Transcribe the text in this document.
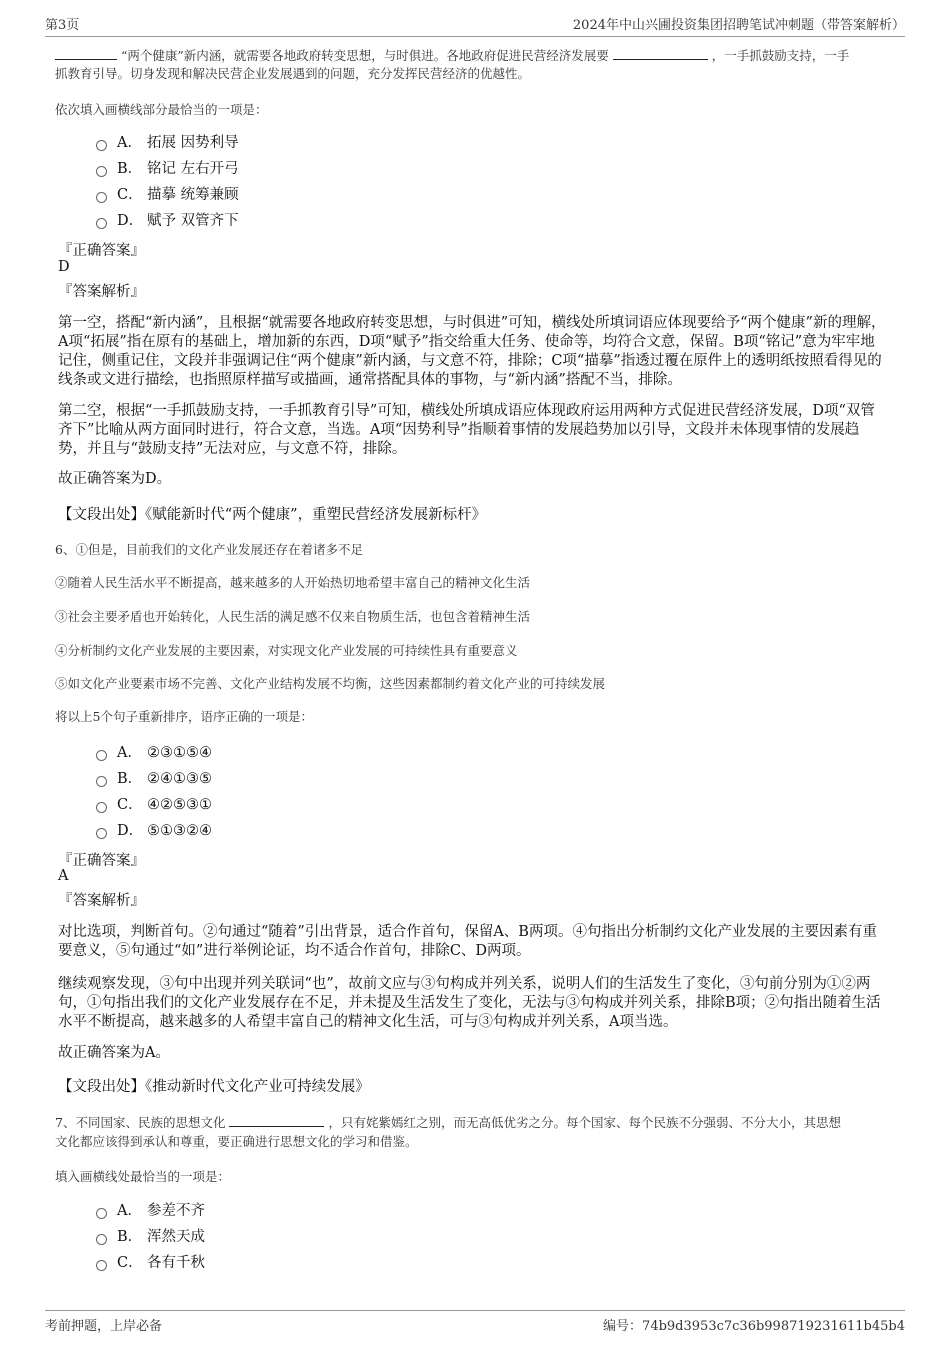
第3页	2024年中山兴圃投资集团招聘笔试冲刺题（带答案解析）
“两个健康”新内涵，就需要各地政府转变思想，与时俱进。各地政府促进民营经济发展要	，一手抓鼓励支持，一手
抓教育引导。切身发现和解决民营企业发展遇到的问题，充分发挥民营经济的优越性。
依次填入画横线部分最恰当的一项是：
A． 拓展 因势利导
B． 铭记 左右开弓
C． 描摹 统筹兼顾
D． 赋予 双管齐下
『正确答案』
D
『答案解析』
第一空，搭配“新内涵”，且根据“就需要各地政府转变思想，与时俱进”可知，横线处所填词语应体现要给予“两个健康”新的理解，A项“拓展”指在原有的基础上，增加新的东西，D项“赋予”指交给重大任务、使命等，均符合文意，保留。B项“铭记”意为牢牢地记住，侧重记住，文段并非强调记住“两个健康”新内涵，与文意不符，排除；C项“描摹”指透过覆在原件上的透明纸按照看得见的线条或文进行描绘，也指照原样描写或描画，通常搭配具体的事物，与“新内涵”搭配不当，排除。
第二空，根据“一手抓鼓励支持，一手抓教育引导”可知，横线处所填成语应体现政府运用两种方式促进民营经济发展，D项“双管齐下”比喻从两方面同时进行，符合文意，当选。A项“因势利导”指顺着事情的发展趋势加以引导，文段并未体现事情的发展趋势，并且与“鼓励支持”无法对应，与文意不符，排除。
故正确答案为D。
【文段出处】《赋能新时代“两个健康”，重塑民营经济发展新标杆》
6、①但是，目前我们的文化产业发展还存在着诸多不足
②随着人民生活水平不断提高，越来越多的人开始热切地希望丰富自己的精神文化生活
③社会主要矛盾也开始转化，人民生活的满足感不仅来自物质生活，也包含着精神生活
④分析制约文化产业发展的主要因素，对实现文化产业发展的可持续性具有重要意义
⑤如文化产业要素市场不完善、文化产业结构发展不均衡，这些因素都制约着文化产业的可持续发展
将以上5个句子重新排序，语序正确的一项是：
A． ②③①⑤④
B． ②④①③⑤
C． ④②⑤③①
D． ⑤①③②④
『正确答案』
A
『答案解析』
对比选项，判断首句。②句通过“随着”引出背景，适合作首句，保留A、B两项。④句指出分析制约文化产业发展的主要因素有重要意义，⑤句通过“如”进行举例论证，均不适合作首句，排除C、D两项。
继续观察发现，③句中出现并列关联词“也”，故前文应与③句构成并列关系，说明人们的生活发生了变化，③句前分别为①②两句，①句指出我们的文化产业发展存在不足，并未提及生活发生了变化，无法与③句构成并列关系，排除B项；②句指出随着生活水平不断提高，越来越多的人希望丰富自己的精神文化生活，可与③句构成并列关系，A项当选。
故正确答案为A。
【文段出处】《推动新时代文化产业可持续发展》
7、不同国家、民族的思想文化	，只有姹紫嫣红之别，而无高低优劣之分。每个国家、每个民族不分强弱、不分大小，其思想
文化都应该得到承认和尊重，要正确进行思想文化的学习和借鉴。
填入画横线处最恰当的一项是：
A． 参差不齐
B． 浑然天成
C． 各有千秋
考前押题，上岸必备	编号：74b9d3953c7c36b998719231611b45b4
